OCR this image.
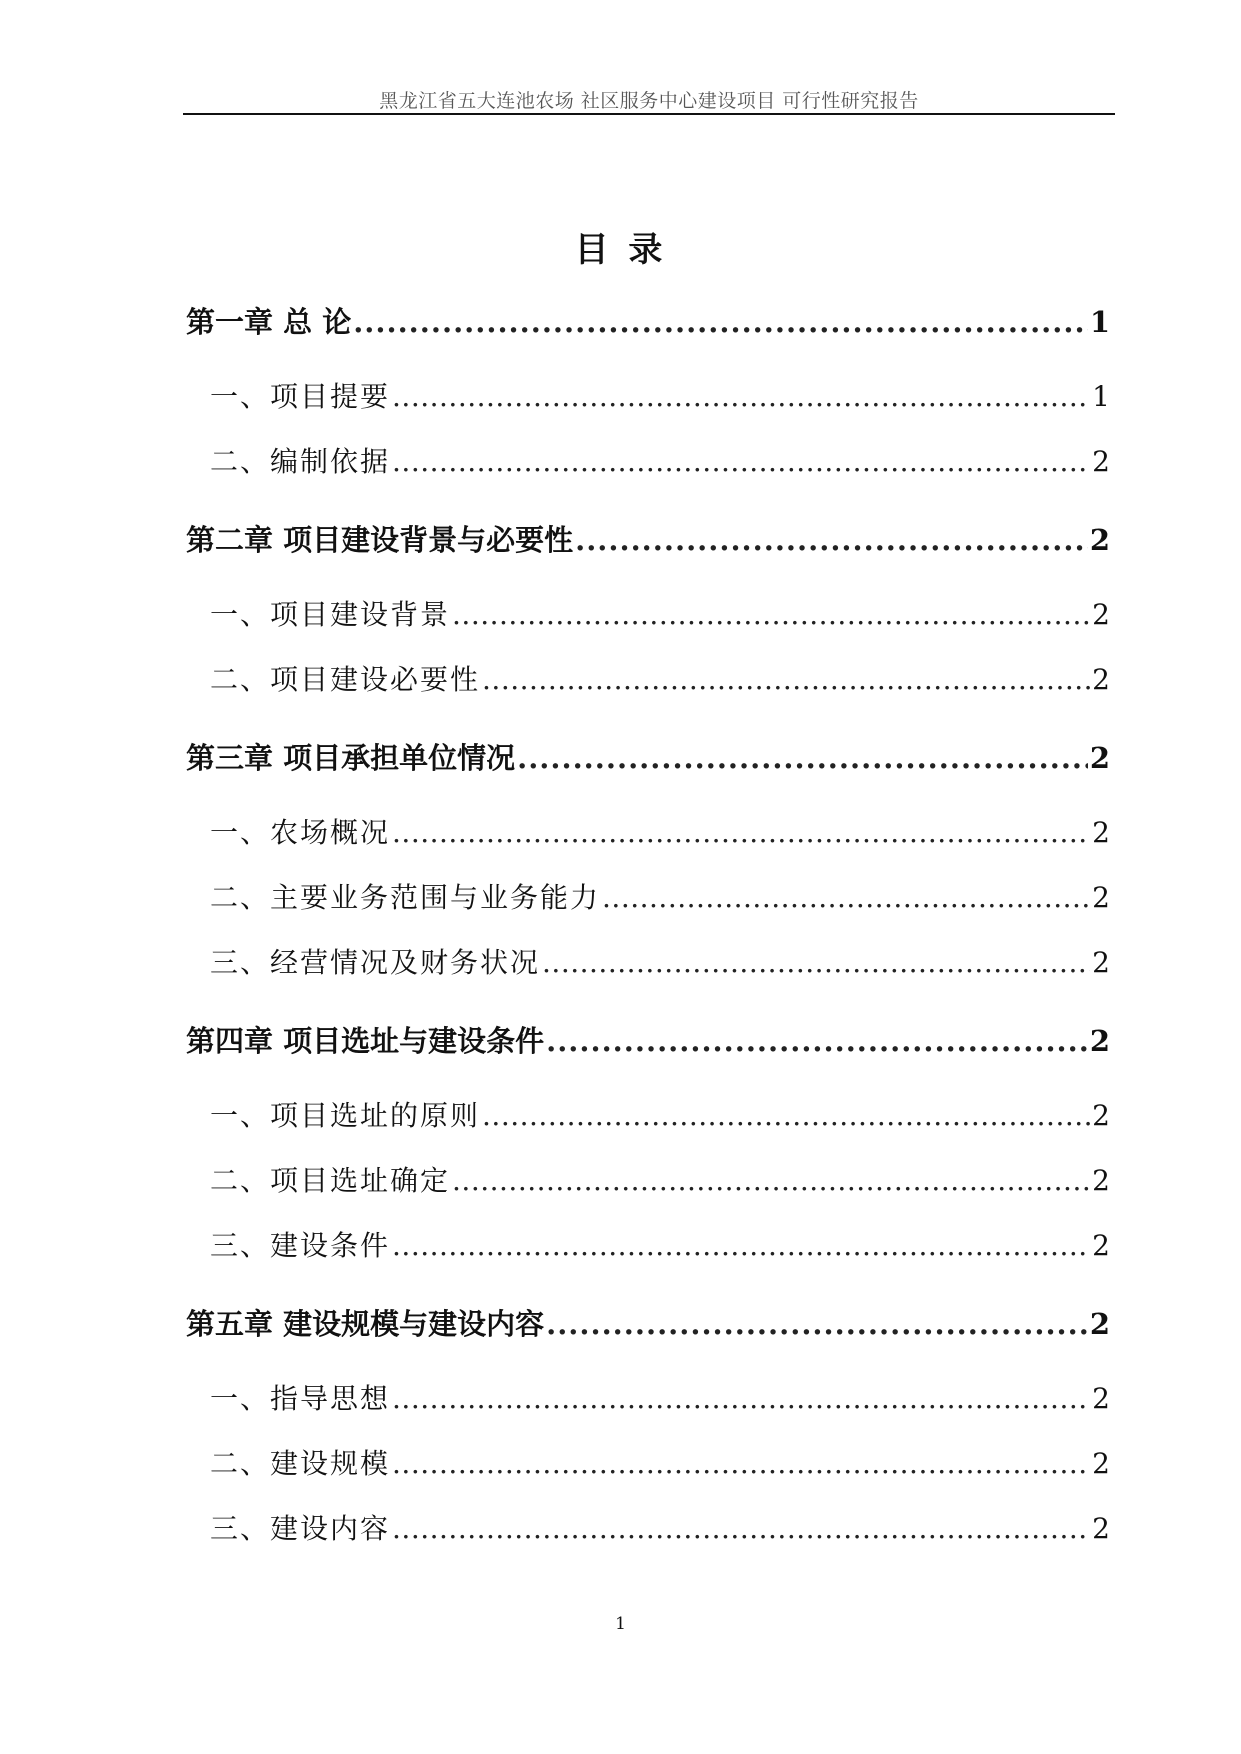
黑龙江省五大连池农场 社区服务中心建设项目 可行性研究报告
目 录
第一章 总 论 .....	1
一、项目提要 .....	1
二、编制依据 .....	2
第二章 项目建设背景与必要性 .....	2
一、项目建设背景 .....	2
二、项目建设必要性 .....	2
第三章 项目承担单位情况 .....	2
一、农场概况 .....	2
二、主要业务范围与业务能力 .....	2
三、经营情况及财务状况 .....	2
第四章 项目选址与建设条件 .....	2
一、项目选址的原则 .....	2
二、项目选址确定 .....	2
三、建设条件 .....	2
第五章 建设规模与建设内容 .....	2
一、指导思想 .....	2
二、建设规模 .....	2
三、建设内容 .....	2
1
